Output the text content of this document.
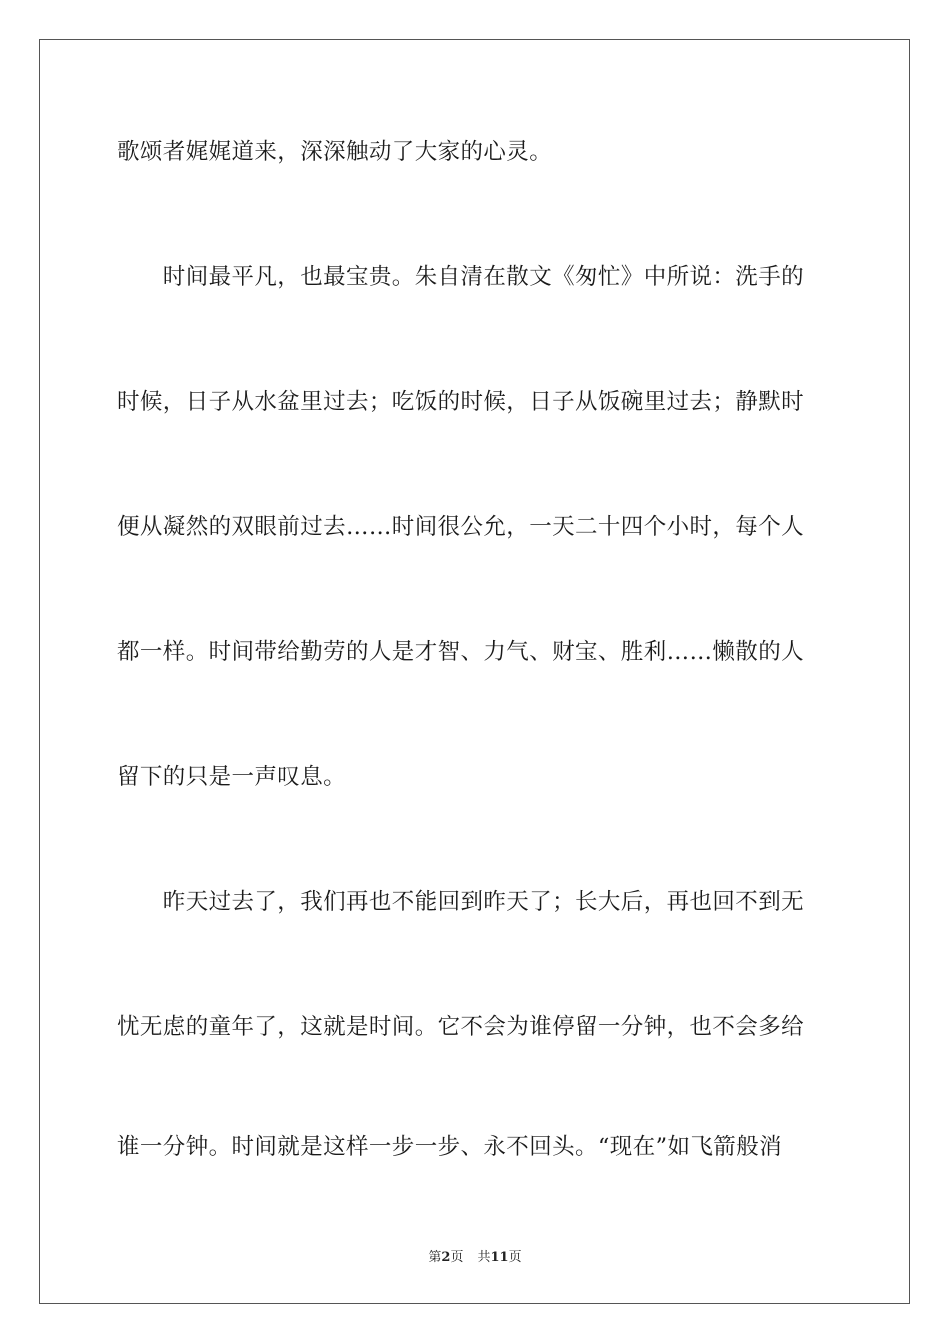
歌颂者娓娓道来，深深触动了大家的心灵。
　　时间最平凡，也最宝贵。朱自清在散文《匆忙》中所说：洗手的
时候，日子从水盆里过去；吃饭的时候，日子从饭碗里过去；静默时
便从凝然的双眼前过去……时间很公允，一天二十四个小时，每个人
都一样。时间带给勤劳的人是才智、力气、财宝、胜利……懒散的人
留下的只是一声叹息。
　　昨天过去了，我们再也不能回到昨天了；长大后，再也回不到无
忧无虑的童年了，这就是时间。它不会为谁停留一分钟，也不会多给
谁一分钟。时间就是这样一步一步、永不回头。“现在”如飞箭般消
第2页 共11页
